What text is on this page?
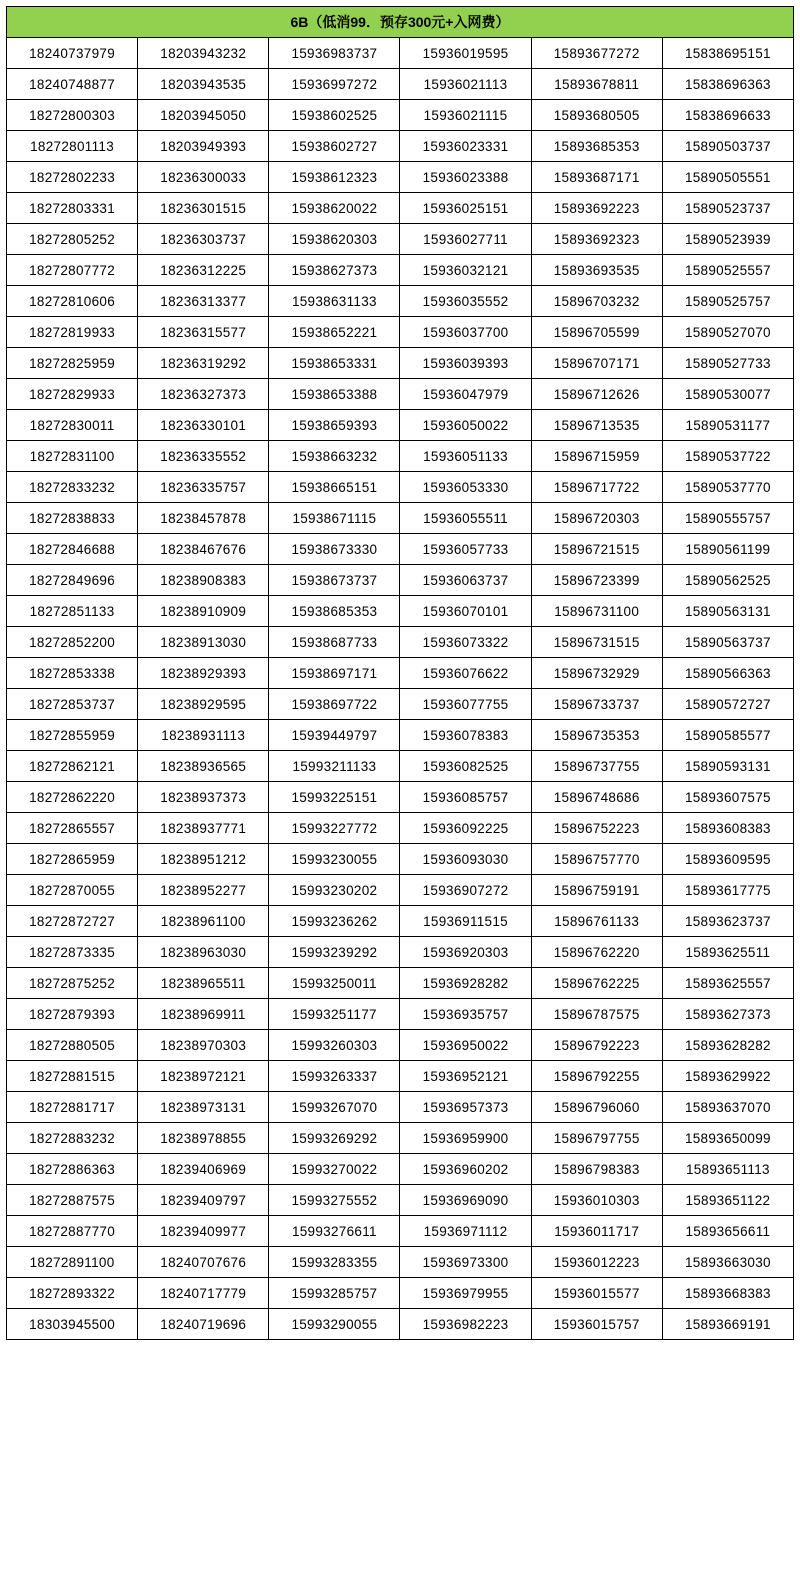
6B（低消99．预存300元+入网费）					
18240737979	18203943232	15936983737	15936019595	15893677272	15838695151
18240748877	18203943535	15936997272	15936021113	15893678811	15838696363
18272800303	18203945050	15938602525	15936021115	15893680505	15838696633
18272801113	18203949393	15938602727	15936023331	15893685353	15890503737
18272802233	18236300033	15938612323	15936023388	15893687171	15890505551
18272803331	18236301515	15938620022	15936025151	15893692223	15890523737
18272805252	18236303737	15938620303	15936027711	15893692323	15890523939
18272807772	18236312225	15938627373	15936032121	15893693535	15890525557
18272810606	18236313377	15938631133	15936035552	15896703232	15890525757
18272819933	18236315577	15938652221	15936037700	15896705599	15890527070
18272825959	18236319292	15938653331	15936039393	15896707171	15890527733
18272829933	18236327373	15938653388	15936047979	15896712626	15890530077
18272830011	18236330101	15938659393	15936050022	15896713535	15890531177
18272831100	18236335552	15938663232	15936051133	15896715959	15890537722
18272833232	18236335757	15938665151	15936053330	15896717722	15890537770
18272838833	18238457878	15938671115	15936055511	15896720303	15890555757
18272846688	18238467676	15938673330	15936057733	15896721515	15890561199
18272849696	18238908383	15938673737	15936063737	15896723399	15890562525
18272851133	18238910909	15938685353	15936070101	15896731100	15890563131
18272852200	18238913030	15938687733	15936073322	15896731515	15890563737
18272853338	18238929393	15938697171	15936076622	15896732929	15890566363
18272853737	18238929595	15938697722	15936077755	15896733737	15890572727
18272855959	18238931113	15939449797	15936078383	15896735353	15890585577
18272862121	18238936565	15993211133	15936082525	15896737755	15890593131
18272862220	18238937373	15993225151	15936085757	15896748686	15893607575
18272865557	18238937771	15993227772	15936092225	15896752223	15893608383
18272865959	18238951212	15993230055	15936093030	15896757770	15893609595
18272870055	18238952277	15993230202	15936907272	15896759191	15893617775
18272872727	18238961100	15993236262	15936911515	15896761133	15893623737
18272873335	18238963030	15993239292	15936920303	15896762220	15893625511
18272875252	18238965511	15993250011	15936928282	15896762225	15893625557
18272879393	18238969911	15993251177	15936935757	15896787575	15893627373
18272880505	18238970303	15993260303	15936950022	15896792223	15893628282
18272881515	18238972121	15993263337	15936952121	15896792255	15893629922
18272881717	18238973131	15993267070	15936957373	15896796060	15893637070
18272883232	18238978855	15993269292	15936959900	15896797755	15893650099
18272886363	18239406969	15993270022	15936960202	15896798383	15893651113
18272887575	18239409797	15993275552	15936969090	15936010303	15893651122
18272887770	18239409977	15993276611	15936971112	15936011717	15893656611
18272891100	18240707676	15993283355	15936973300	15936012223	15893663030
18272893322	18240717779	15993285757	15936979955	15936015577	15893668383
18303945500	18240719696	15993290055	15936982223	15936015757	15893669191
